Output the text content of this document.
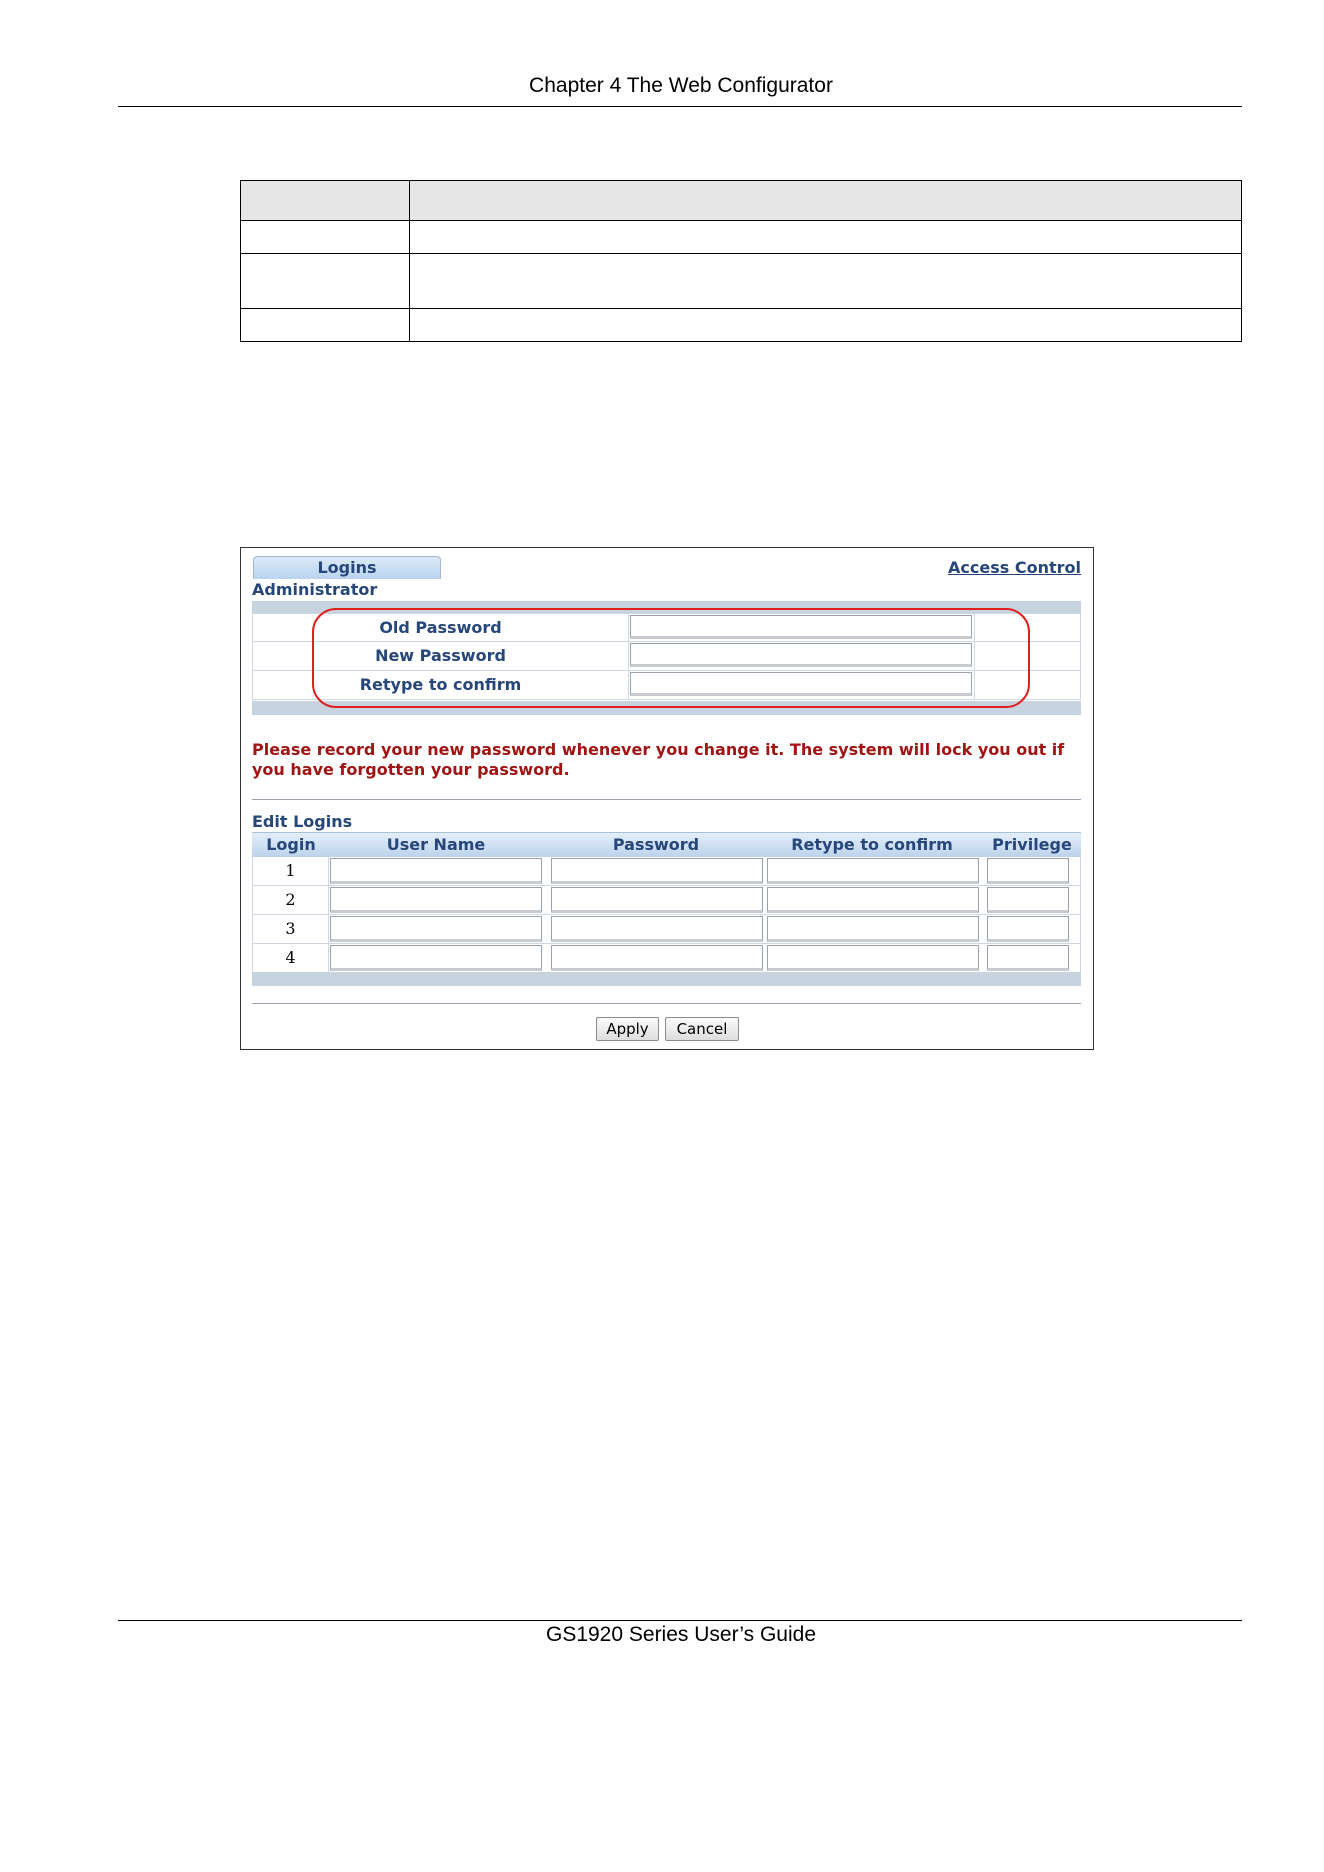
Chapter 4 The Web Configurator

Logins	Access Control
Administrator
Old Password
New Password
Retype to confirm
Please record your new password whenever you change it. The system will lock you out if you have forgotten your password.
Edit Logins
Login	User Name	Password	Retype to confirm	Privilege
1
2
3
4
Apply	Cancel
GS1920 Series User’s Guide
